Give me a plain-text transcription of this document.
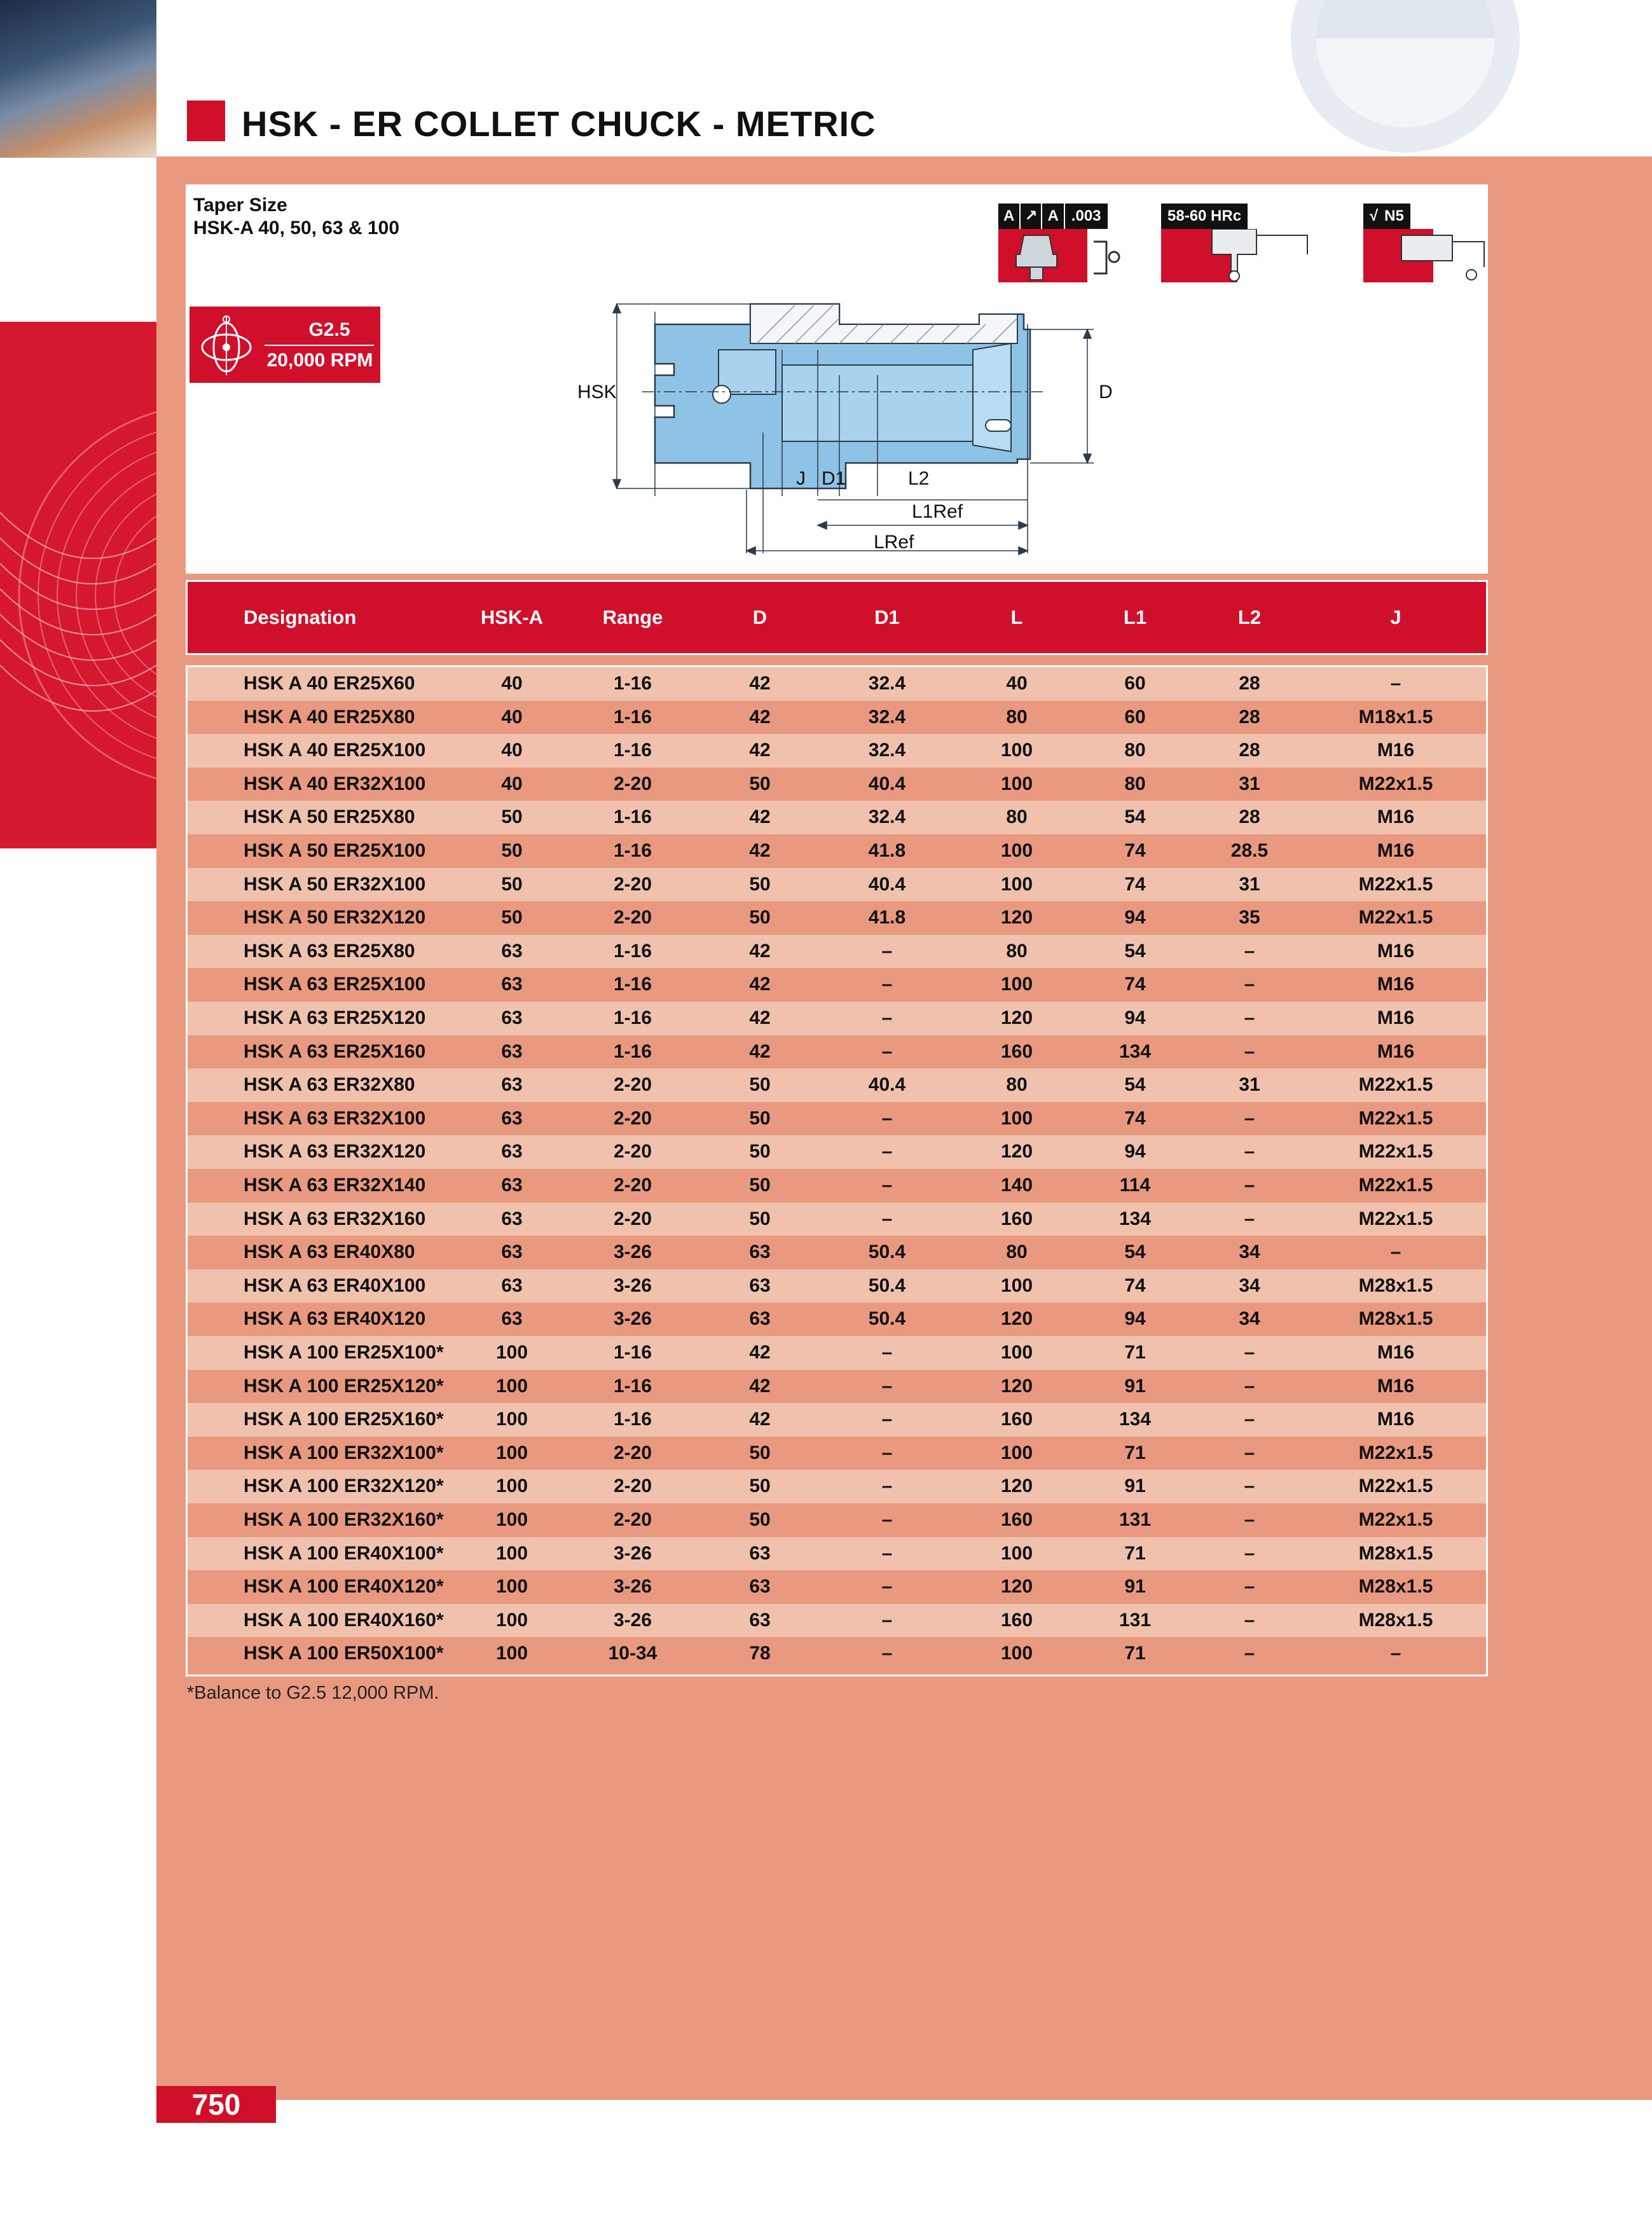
HSK - ER COLLET CHUCK - METRIC
Taper Size
HSK-A 40, 50, 63 & 100
G2.5
20,000 RPM
A ↗ A .003	58-60 HRc	√ N5
HSK	D
J D1	L2
L1Ref
LRef
Designation	HSK-A	Range	D	D1	L	L1	L2	J
HSK A 40 ER25X60	40	1-16	42	32.4	40	60	28	–
HSK A 40 ER25X80	40	1-16	42	32.4	80	60	28	M18x1.5
HSK A 40 ER25X100	40	1-16	42	32.4	100	80	28	M16
HSK A 40 ER32X100	40	2-20	50	40.4	100	80	31	M22x1.5
HSK A 50 ER25X80	50	1-16	42	32.4	80	54	28	M16
HSK A 50 ER25X100	50	1-16	42	41.8	100	74	28.5	M16
HSK A 50 ER32X100	50	2-20	50	40.4	100	74	31	M22x1.5
HSK A 50 ER32X120	50	2-20	50	41.8	120	94	35	M22x1.5
HSK A 63 ER25X80	63	1-16	42	–	80	54	–	M16
HSK A 63 ER25X100	63	1-16	42	–	100	74	–	M16
HSK A 63 ER25X120	63	1-16	42	–	120	94	–	M16
HSK A 63 ER25X160	63	1-16	42	–	160	134	–	M16
HSK A 63 ER32X80	63	2-20	50	40.4	80	54	31	M22x1.5
HSK A 63 ER32X100	63	2-20	50	–	100	74	–	M22x1.5
HSK A 63 ER32X120	63	2-20	50	–	120	94	–	M22x1.5
HSK A 63 ER32X140	63	2-20	50	–	140	114	–	M22x1.5
HSK A 63 ER32X160	63	2-20	50	–	160	134	–	M22x1.5
HSK A 63 ER40X80	63	3-26	63	50.4	80	54	34	–
HSK A 63 ER40X100	63	3-26	63	50.4	100	74	34	M28x1.5
HSK A 63 ER40X120	63	3-26	63	50.4	120	94	34	M28x1.5
HSK A 100 ER25X100*	100	1-16	42	–	100	71	–	M16
HSK A 100 ER25X120*	100	1-16	42	–	120	91	–	M16
HSK A 100 ER25X160*	100	1-16	42	–	160	134	–	M16
HSK A 100 ER32X100*	100	2-20	50	–	100	71	–	M22x1.5
HSK A 100 ER32X120*	100	2-20	50	–	120	91	–	M22x1.5
HSK A 100 ER32X160*	100	2-20	50	–	160	131	–	M22x1.5
HSK A 100 ER40X100*	100	3-26	63	–	100	71	–	M28x1.5
HSK A 100 ER40X120*	100	3-26	63	–	120	91	–	M28x1.5
HSK A 100 ER40X160*	100	3-26	63	–	160	131	–	M28x1.5
HSK A 100 ER50X100*	100	10-34	78	–	100	71	–	–
*Balance to G2.5 12,000 RPM.
750
